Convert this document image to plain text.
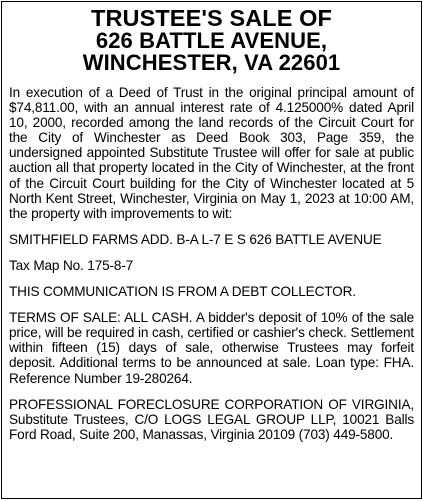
TRUSTEE'S SALE OF
626 BATTLE AVENUE,
WINCHESTER, VA 22601

In execution of a Deed of Trust in the original principal amount of $74,811.00, with an annual interest rate of 4.125000% dated April 10, 2000, recorded among the land records of the Circuit Court for the City of Winchester as Deed Book 303, Page 359, the undersigned appointed Substitute Trustee will offer for sale at public auction all that property located in the City of Winchester, at the front of the Circuit Court building for the City of Winchester located at 5 North Kent Street, Winchester, Virginia on May 1, 2023 at 10:00 AM, the property with improvements to wit:

SMITHFIELD FARMS ADD. B-A L-7 E S 626 BATTLE AVENUE

Tax Map No. 175-8-7

THIS COMMUNICATION IS FROM A DEBT COLLECTOR.

TERMS OF SALE: ALL CASH. A bidder's deposit of 10% of the sale price, will be required in cash, certified or cashier's check. Settlement within fifteen (15) days of sale, otherwise Trustees may forfeit deposit. Additional terms to be announced at sale. Loan type: FHA. Reference Number 19-280264.

PROFESSIONAL FORECLOSURE CORPORATION OF VIRGINIA, Substitute Trustees, C/O LOGS LEGAL GROUP LLP, 10021 Balls Ford Road, Suite 200, Manassas, Virginia 20109 (703) 449-5800.
